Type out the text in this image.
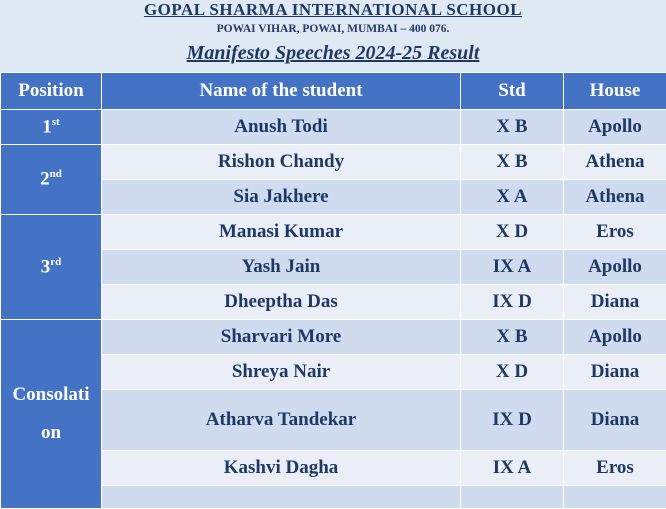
GOPAL SHARMA INTERNATIONAL SCHOOL
POWAI VIHAR, POWAI, MUMBAI – 400 076.
Manifesto Speeches 2024-25 Result
Position	Name of the student	Std	House
1st	Anush Todi	X B	Apollo
2nd	Rishon Chandy	X B	Athena
	Sia Jakhere	X A	Athena
3rd	Manasi Kumar	X D	Eros
	Yash Jain	IX A	Apollo
	Dheeptha Das	IX D	Diana
Consolati on	Sharvari More	X B	Apollo
	Shreya Nair	X D	Diana
	Atharva Tandekar	IX D	Diana
	Kashvi Dagha	IX A	Eros
